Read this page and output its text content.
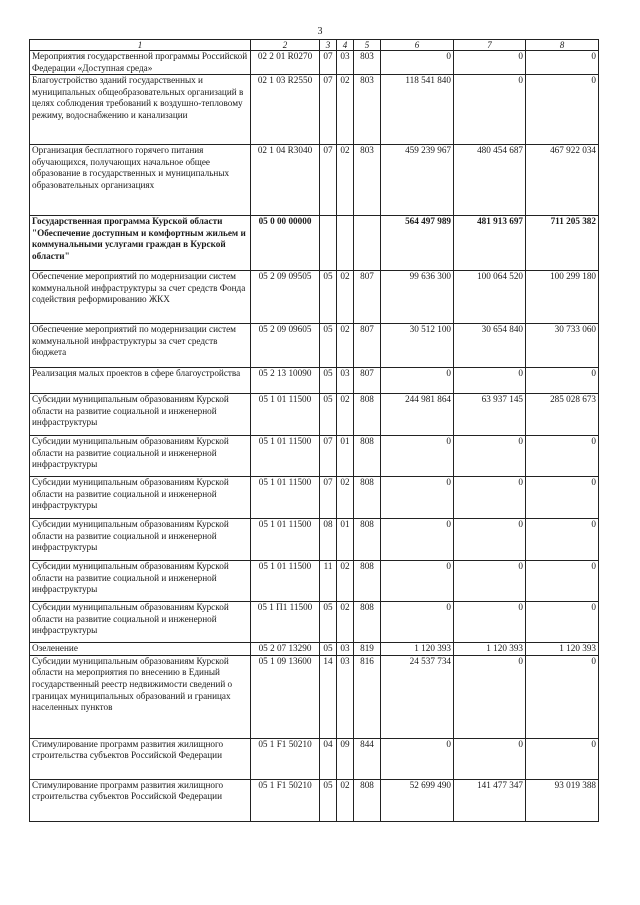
3
1	2	3	4	5	6	7	8
Мероприятия государственной программы Российской Федерации «Доступная среда»	02 2 01 R0270	07	03	803	0	0	0
Благоустройство зданий государственных и муниципальных общеобразовательных организаций в целях соблюдения требований к воздушно-тепловому режиму, водоснабжению и канализации	02 1 03 R2550	07	02	803	118 541 840	0	0
Организация бесплатного горячего питания обучающихся, получающих начальное общее образование в государственных и муниципальных образовательных организациях	02 1 04 R3040	07	02	803	459 239 967	480 454 687	467 922 034
Государственная программа Курской области "Обеспечение доступным и комфортным жильем и коммунальными услугами граждан в Курской области"	05 0 00 00000				564 497 989	481 913 697	711 205 382
Обеспечение мероприятий по модернизации систем коммунальной инфраструктуры за счет средств Фонда содействия реформированию ЖКХ	05 2 09 09505	05	02	807	99 636 300	100 064 520	100 299 180
Обеспечение мероприятий по модернизации систем коммунальной инфраструктуры за счет средств бюджета	05 2 09 09605	05	02	807	30 512 100	30 654 840	30 733 060
Реализация малых проектов в сфере благоустройства	05 2 13 10090	05	03	807	0	0	0
Субсидии муниципальным образованиям Курской области на развитие социальной и инженерной инфраструктуры	05 1 01 11500	05	02	808	244 981 864	63 937 145	285 028 673
Субсидии муниципальным образованиям Курской области на развитие социальной и инженерной инфраструктуры	05 1 01 11500	07	01	808	0	0	0
Субсидии муниципальным образованиям Курской области на развитие социальной и инженерной инфраструктуры	05 1 01 11500	07	02	808	0	0	0
Субсидии муниципальным образованиям Курской области на развитие социальной и инженерной инфраструктуры	05 1 01 11500	08	01	808	0	0	0
Субсидии муниципальным образованиям Курской области на развитие социальной и инженерной инфраструктуры	05 1 01 11500	11	02	808	0	0	0
Субсидии муниципальным образованиям Курской области на развитие социальной и инженерной инфраструктуры	05 1 П1 11500	05	02	808	0	0	0
Озеленение	05 2 07 13290	05	03	819	1 120 393	1 120 393	1 120 393
Субсидии муниципальным образованиям Курской области на мероприятия по внесению в Единый государственный реестр недвижимости сведений о границах муниципальных образований и границах населенных пунктов	05 1 09 13600	14	03	816	24 537 734	0	0
Стимулирование программ развития жилищного строительства субъектов Российской Федерации	05 1 F1 50210	04	09	844	0	0	0
Стимулирование программ развития жилищного строительства субъектов Российской Федерации	05 1 F1 50210	05	02	808	52 699 490	141 477 347	93 019 388
